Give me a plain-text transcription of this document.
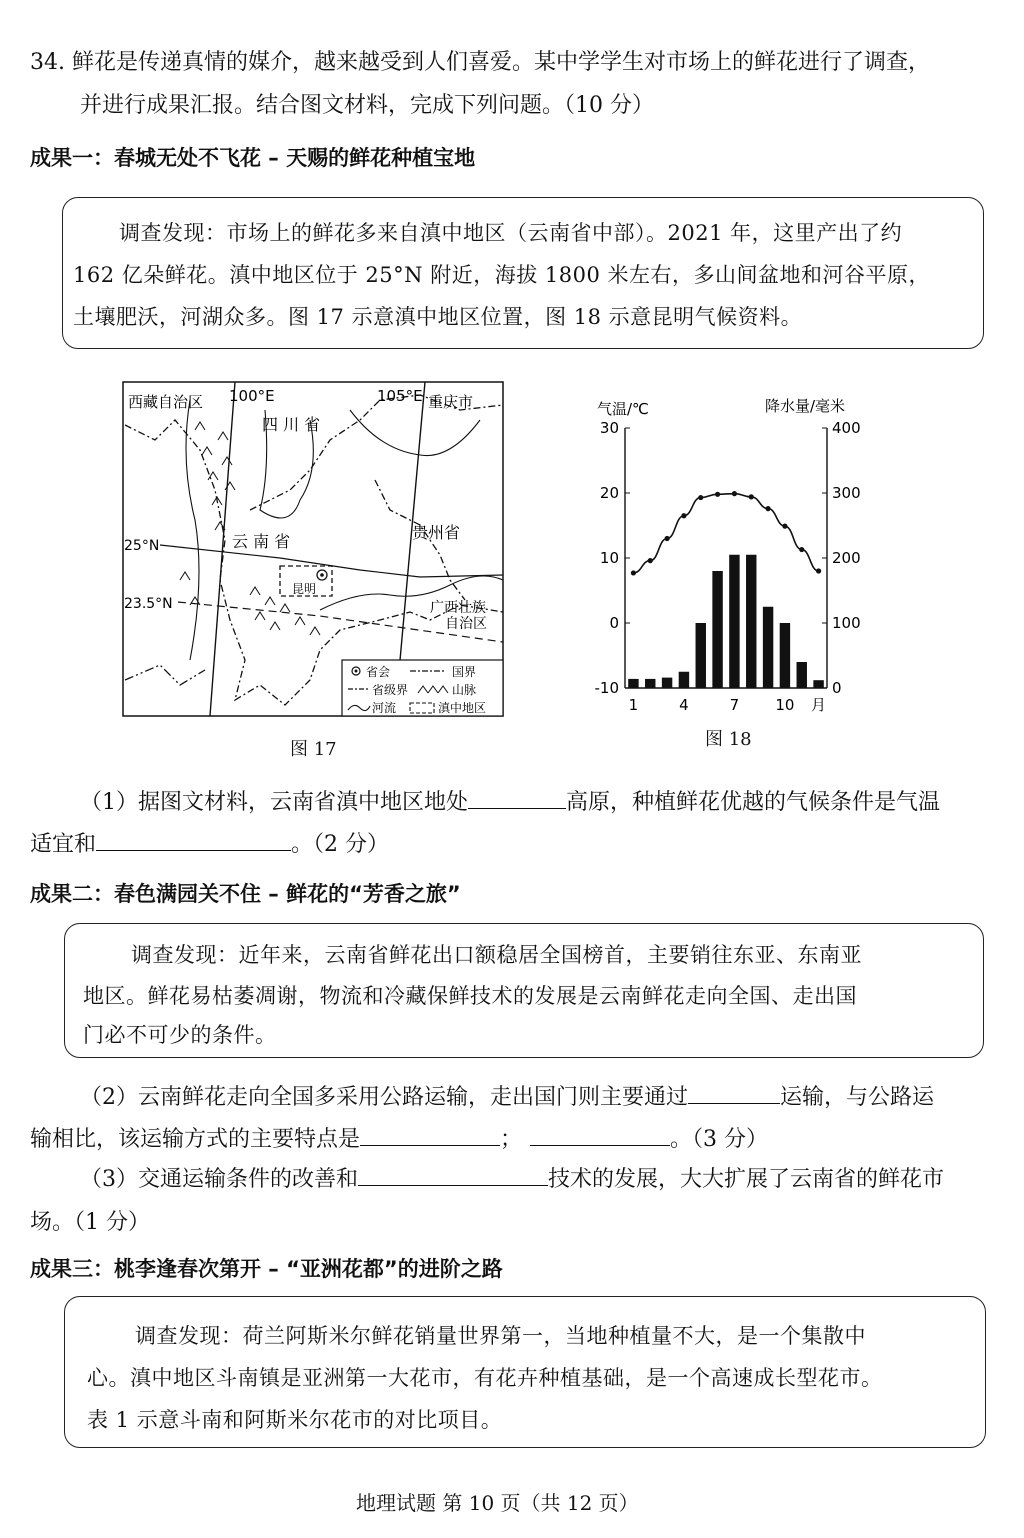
34. 鲜花是传递真情的媒介，越来越受到人们喜爱。某中学学生对市场上的鲜花进行了调查，
并进行成果汇报。结合图文材料，完成下列问题。（10 分）
成果一：春城无处不飞花 – 天赐的鲜花种植宝地
调查发现：市场上的鲜花多来自滇中地区（云南省中部）。2021 年，这里产出了约
162 亿朵鲜花。滇中地区位于 25°N 附近，海拔 1800 米左右，多山间盆地和河谷平原，
土壤肥沃，河湖众多。图 17 示意滇中地区位置，图 18 示意昆明气候资料。
西藏自治区 100°E	105°E 重庆市
四 川 省
云 南 省	贵州省
25°N
23.5°N
昆明
广西壮族
自治区
省会	国界
省级界	山脉
河流	滇中地区
图 17
30
20
10
0
-10
400
300
200
100
0
气温/℃	降水量/毫米
1	4	7 10 月
图 18
（1）据图文材料，云南省滇中地区地处	高原，种植鲜花优越的气候条件是气温
适宜和	。（2 分）
成果二：春色满园关不住 – 鲜花的“芳香之旅”
调查发现：近年来，云南省鲜花出口额稳居全国榜首，主要销往东亚、东南亚
地区。鲜花易枯萎凋谢，物流和冷藏保鲜技术的发展是云南鲜花走向全国、走出国
门必不可少的条件。
（2）云南鲜花走向全国多采用公路运输，走出国门则主要通过	运输，与公路运
输相比，该运输方式的主要特点是	；	。（3 分）
（3）交通运输条件的改善和	技术的发展，大大扩展了云南省的鲜花市
场。（1 分）
成果三：桃李逢春次第开 – “亚洲花都”的进阶之路
调查发现：荷兰阿斯米尔鲜花销量世界第一，当地种植量不大，是一个集散中
心。滇中地区斗南镇是亚洲第一大花市，有花卉种植基础，是一个高速成长型花市。
表 1 示意斗南和阿斯米尔花市的对比项目。
地理试题 第 10 页（共 12 页）
